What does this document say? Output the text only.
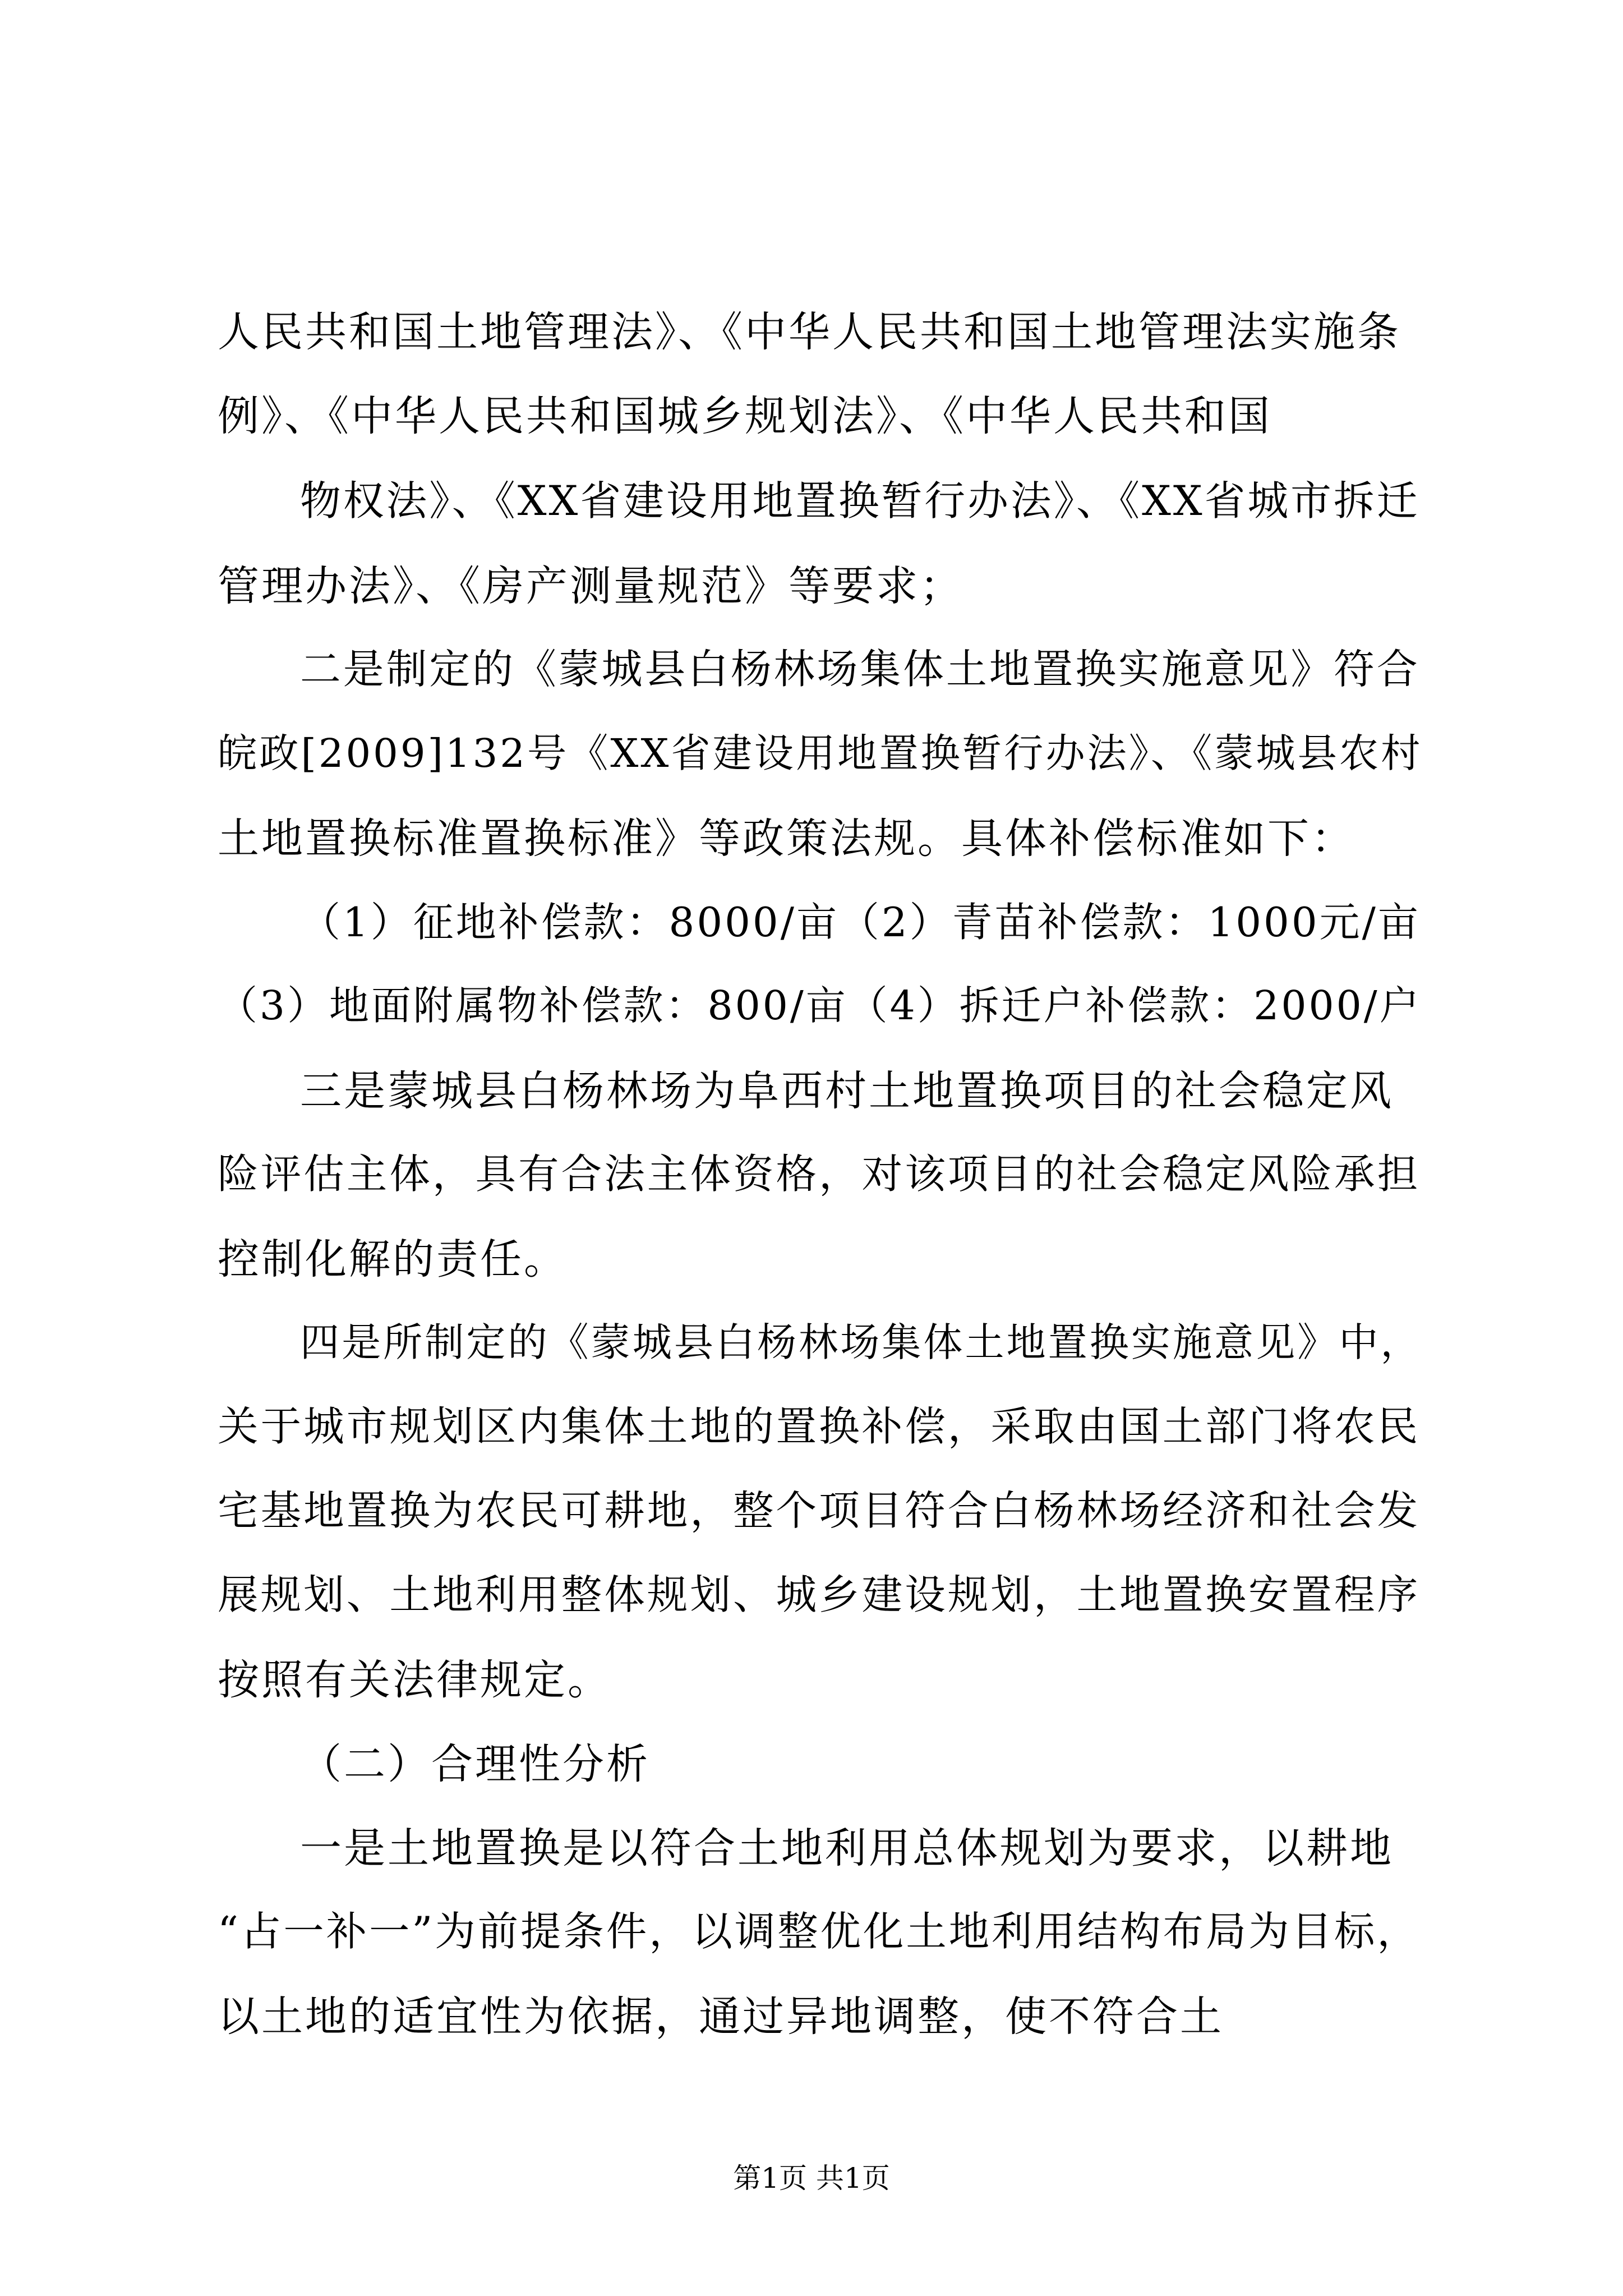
人民共和国土地管理法》、《中华人民共和国土地管理法实施条
例》、《中华人民共和国城乡规划法》、《中华人民共和国
物权法》、《XX省建设用地置换暂行办法》、《XX省城市拆迁
管理办法》、《房产测量规范》等要求；
二是制定的《蒙城县白杨林场集体土地置换实施意见》符合
皖政[2009]132号《XX省建设用地置换暂行办法》、《蒙城县农村
土地置换标准置换标准》等政策法规。具体补偿标准如下：
（1）征地补偿款：8000/亩（2）青苗补偿款：1000元/亩
（3）地面附属物补偿款：800/亩（4）拆迁户补偿款：2000/户
三是蒙城县白杨林场为阜西村土地置换项目的社会稳定风
险评估主体，具有合法主体资格，对该项目的社会稳定风险承担
控制化解的责任。
四是所制定的《蒙城县白杨林场集体土地置换实施意见》中，
关于城市规划区内集体土地的置换补偿，采取由国土部门将农民
宅基地置换为农民可耕地，整个项目符合白杨林场经济和社会发
展规划、土地利用整体规划、城乡建设规划，土地置换安置程序
按照有关法律规定。
（二）合理性分析
一是土地置换是以符合土地利用总体规划为要求，以耕地
“占一补一”为前提条件，以调整优化土地利用结构布局为目标，
以土地的适宜性为依据，通过异地调整，使不符合土
第1页 共1页
